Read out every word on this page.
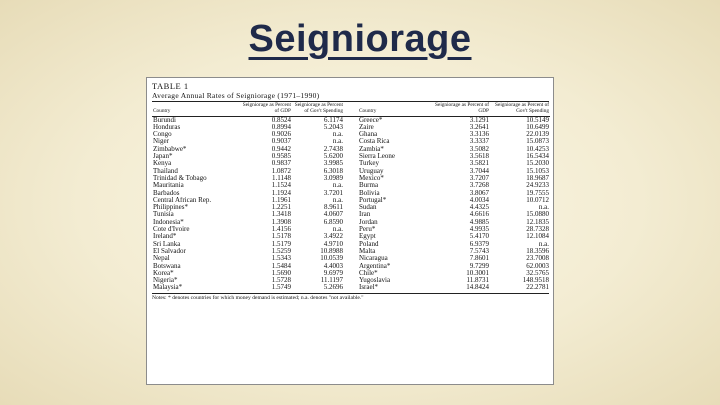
Seigniorage
TABLE 1
Average Annual Rates of Seigniorage (1971–1990)
Country	Seigniorage as Percent of GDP	Seigniorage as Percent of Gov't Spending		Country	Seigniorage as Percent of GDP	Seigniorage as Percent of Gov't Spending
Burundi	0.8524	6.1174		Greece*	3.1291	10.5149
Honduras	0.8994	5.2043		Zaire	3.2641	10.6499
Congo	0.9026	n.a.		Ghana	3.3136	22.0139
Niger	0.9037	n.a.		Costa Rica	3.3337	15.0873
Zimbabwe*	0.9442	2.7438		Zambia*	3.5082	10.4253
Japan*	0.9585	5.6200		Sierra Leone	3.5618	16.5434
Kenya	0.9837	3.9985		Turkey	3.5821	15.2030
Thailand	1.0872	6.3018		Uruguay	3.7044	15.1053
Trinidad & Tobago	1.1148	3.0989		Mexico*	3.7207	18.9687
Mauritania	1.1524	n.a.		Burma	3.7268	24.9233
Barbados	1.1924	3.7201		Bolivia	3.8067	19.7555
Central African Rep.	1.1961	n.a.		Portugal*	4.0034	10.0712
Philippines*	1.2251	8.9611		Sudan	4.4325	n.a.
Tunisia	1.3418	4.0607		Iran	4.6616	15.0880
Indonesia*	1.3908	6.8590		Jordan	4.9885	12.1835
Cote d'Ivoire	1.4156	n.a.		Peru*	4.9935	28.7328
Ireland*	1.5178	3.4922		Egypt	5.4170	12.1084
Sri Lanka	1.5179	4.9710		Poland	6.9379	n.a.
El Salvador	1.5259	10.8988		Malta	7.5743	18.3596
Nepal	1.5343	10.0539		Nicaragua	7.8601	23.7008
Botswana	1.5484	4.4003		Argentina*	9.7299	62.0003
Korea*	1.5690	9.6979		Chile*	10.3001	32.5765
Nigeria*	1.5728	11.1197		Yugoslavia	11.8731	148.9518
Malaysia*	1.5749	5.2696		Israel*	14.8424	22.2781
Notes: * denotes countries for which money demand is estimated; n.a. denotes "not available."
